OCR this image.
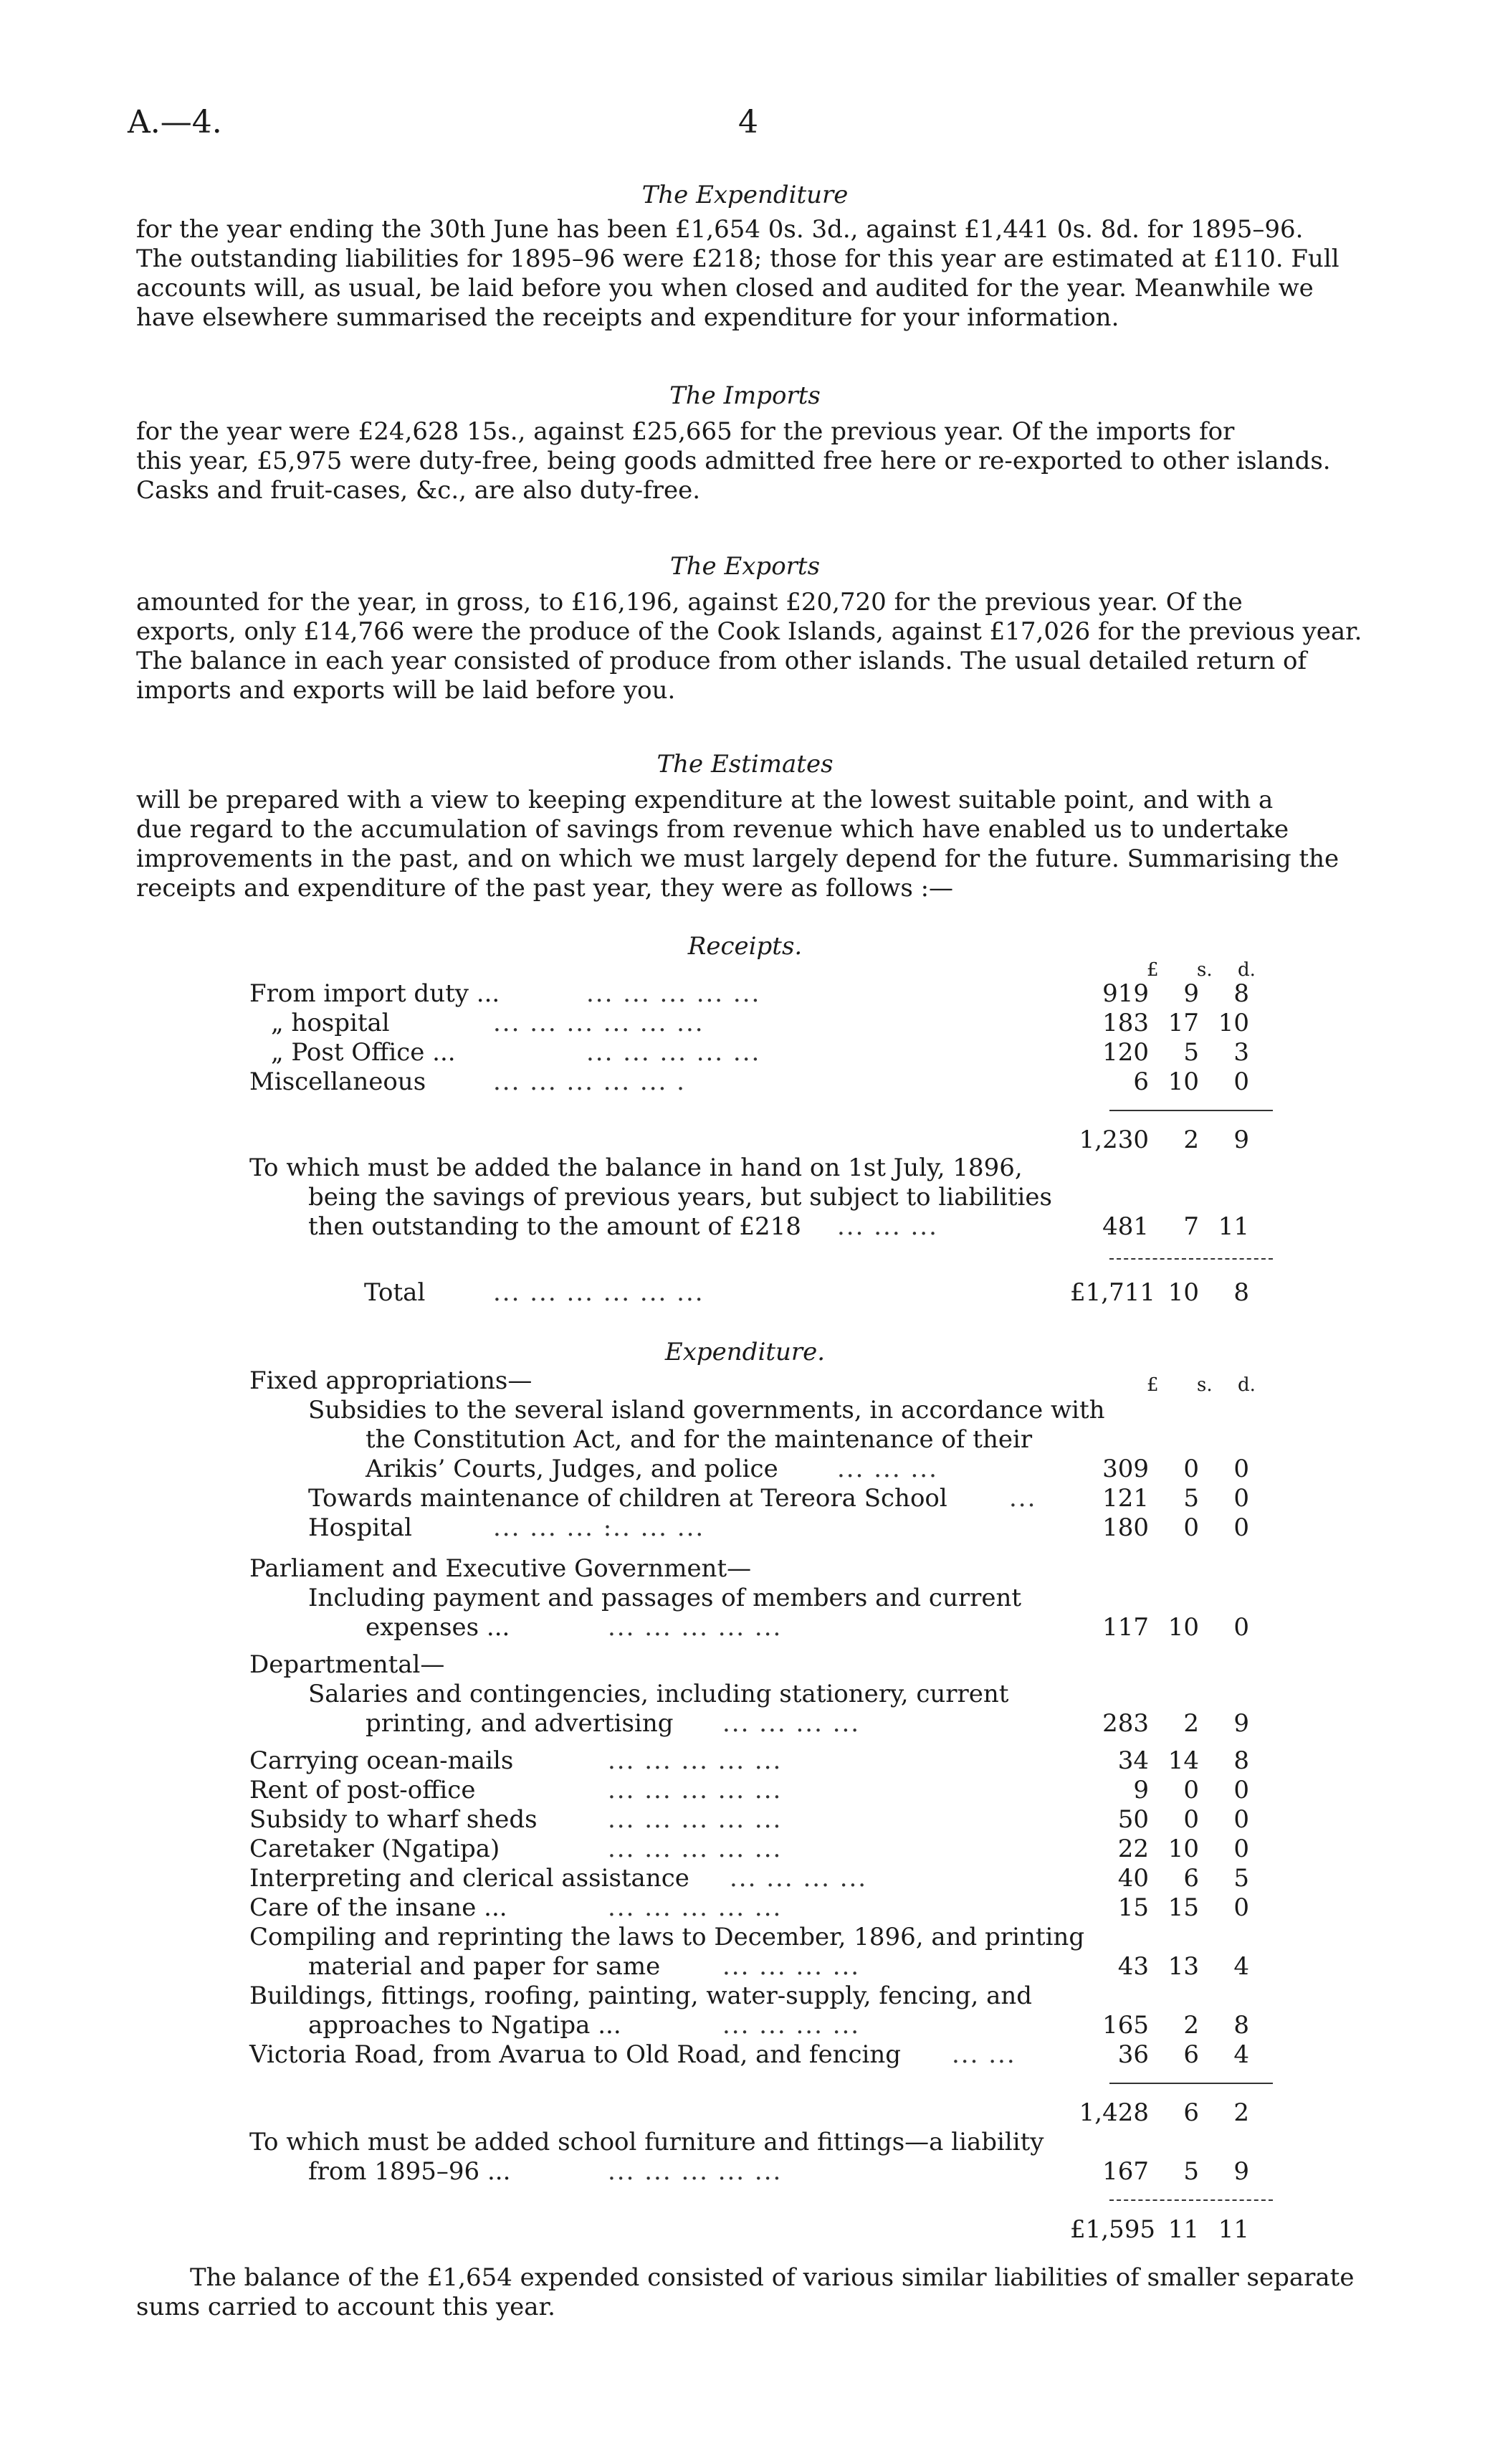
A.—4.	4
The Expenditure
for the year ending the 30th June has been £1,654 0s. 3d., against £1,441 0s. 8d. for 1895–96.
The outstanding liabilities for 1895–96 were £218; those for this year are estimated at £110. Full
accounts will, as usual, be laid before you when closed and audited for the year. Meanwhile we
have elsewhere summarised the receipts and expenditure for your information.
The Imports
for the year were £24,628 15s., against £25,665 for the previous year. Of the imports for
this year, £5,975 were duty-free, being goods admitted free here or re-exported to other islands.
Casks and fruit-cases, &c., are also duty-free.
The Exports
amounted for the year, in gross, to £16,196, against £20,720 for the previous year. Of the
exports, only £14,766 were the produce of the Cook Islands, against £17,026 for the previous year.
The balance in each year consisted of produce from other islands. The usual detailed return of
imports and exports will be laid before you.
The Estimates
will be prepared with a view to keeping expenditure at the lowest suitable point, and with a
due regard to the accumulation of savings from revenue which have enabled us to undertake
improvements in the past, and on which we must largely depend for the future. Summarising the
receipts and expenditure of the past year, they were as follows :—
Receipts.
£ s. d.
From import duty ...	... ... ... ... ...	919	9	8
„ hospital	... ... ... ... ... ...	183 17 10
„ Post Office ...	... ... ... ... ...	120	5	3
Miscellaneous	... ... ... ... ... .	6 10	0
1,230	2	9
To which must be added the balance in hand on 1st July, 1896,
being the savings of previous years, but subject to liabilities
then outstanding to the amount of £218 ... ... ...	481	7 11
Total	... ... ... ... ... ...	£1,711 10	8
Expenditure.
Fixed appropriations—	£ s. d.
Subsidies to the several island governments, in accordance with
the Constitution Act, and for the maintenance of their
Arikis’ Courts, Judges, and police ... ... ...	309	0	0
Towards maintenance of children at Tereora School	...	121	5	0
Hospital	... ... ... :.. ... ...	180	0	0
Parliament and Executive Government—
Including payment and passages of members and current
expenses ...	... ... ... ... ...	117 10	0
Departmental—
Salaries and contingencies, including stationery, current
printing, and advertising ... ... ... ...	283	2	9
Carrying ocean-mails	... ... ... ... ...	34 14	8
Rent of post-office	... ... ... ... ...	9	0	0
Subsidy to wharf sheds	... ... ... ... ...	50	0	0
Caretaker (Ngatipa)	... ... ... ... ...	22 10	0
Interpreting and clerical assistance ... ... ... ...	40	6	5
Care of the insane ...	... ... ... ... ...	15 15	0
Compiling and reprinting the laws to December, 1896, and printing
material and paper for same	... ... ... ...	43 13	4
Buildings, fittings, roofing, painting, water-supply, fencing, and
approaches to Ngatipa ...	... ... ... ...	165	2	8
Victoria Road, from Avarua to Old Road, and fencing ... ...	36	6	4
1,428	6	2
To which must be added school furniture and fittings—a liability
from 1895–96 ...	... ... ... ... ...	167	5	9
£1,595 11 11
The balance of the £1,654 expended consisted of various similar liabilities of smaller separate
sums carried to account this year.
